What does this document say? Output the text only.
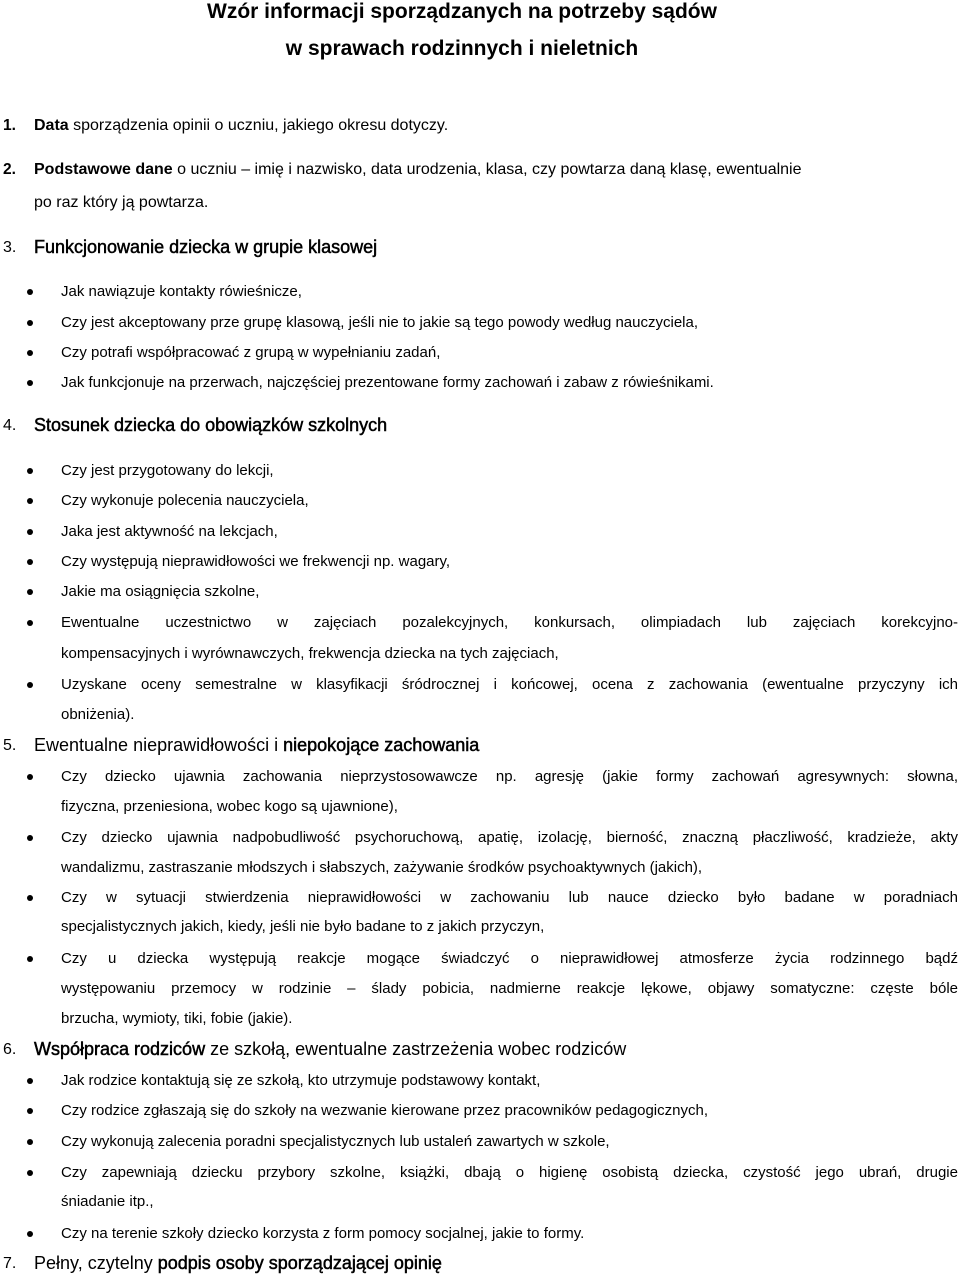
Wzór informacji sporządzanych na potrzeby sądów
w sprawach rodzinnych i nieletnich
1. Data sporządzenia opinii o uczniu, jakiego okresu dotyczy.
2. Podstawowe dane o uczniu – imię i nazwisko, data urodzenia, klasa, czy powtarza daną klasę, ewentualnie
po raz który ją powtarza.
3. Funkcjonowanie dziecka w grupie klasowej
Jak nawiązuje kontakty rówieśnicze,
Czy jest akceptowany prze grupę klasową, jeśli nie to jakie są tego powody według nauczyciela,
Czy potrafi współpracować z grupą w wypełnianiu zadań,
Jak funkcjonuje na przerwach, najczęściej prezentowane formy zachowań i zabaw z rówieśnikami.
4. Stosunek dziecka do obowiązków szkolnych
Czy jest przygotowany do lekcji,
Czy wykonuje polecenia nauczyciela,
Jaka jest aktywność na lekcjach,
Czy występują nieprawidłowości we frekwencji np. wagary,
Jakie ma osiągnięcia szkolne,
Ewentualne uczestnictwo w zajęciach pozalekcyjnych, konkursach, olimpiadach lub zajęciach korekcyjno-
kompensacyjnych i wyrównawczych, frekwencja dziecka na tych zajęciach,
Uzyskane oceny semestralne w klasyfikacji śródrocznej i końcowej, ocena z zachowania (ewentualne przyczyny ich
obniżenia).
5. Ewentualne nieprawidłowości i niepokojące zachowania
Czy dziecko ujawnia zachowania nieprzystosowawcze np. agresję (jakie formy zachowań agresywnych: słowna,
fizyczna, przeniesiona, wobec kogo są ujawnione),
Czy dziecko ujawnia nadpobudliwość psychoruchową, apatię, izolację, bierność, znaczną płaczliwość, kradzieże, akty
wandalizmu, zastraszanie młodszych i słabszych, zażywanie środków psychoaktywnych (jakich),
Czy w sytuacji stwierdzenia nieprawidłowości w zachowaniu lub nauce dziecko było badane w poradniach
specjalistycznych jakich, kiedy, jeśli nie było badane to z jakich przyczyn,
Czy u dziecka występują reakcje mogące świadczyć o nieprawidłowej atmosferze życia rodzinnego bądź
występowaniu przemocy w rodzinie – ślady pobicia, nadmierne reakcje lękowe, objawy somatyczne: częste bóle
brzucha, wymioty, tiki, fobie (jakie).
6. Współpraca rodziców ze szkołą, ewentualne zastrzeżenia wobec rodziców
Jak rodzice kontaktują się ze szkołą, kto utrzymuje podstawowy kontakt,
Czy rodzice zgłaszają się do szkoły na wezwanie kierowane przez pracowników pedagogicznych,
Czy wykonują zalecenia poradni specjalistycznych lub ustaleń zawartych w szkole,
Czy zapewniają dziecku przybory szkolne, książki, dbają o higienę osobistą dziecka, czystość jego ubrań, drugie
śniadanie itp.,
Czy na terenie szkoły dziecko korzysta z form pomocy socjalnej, jakie to formy.
7. Pełny, czytelny podpis osoby sporządzającej opinię
